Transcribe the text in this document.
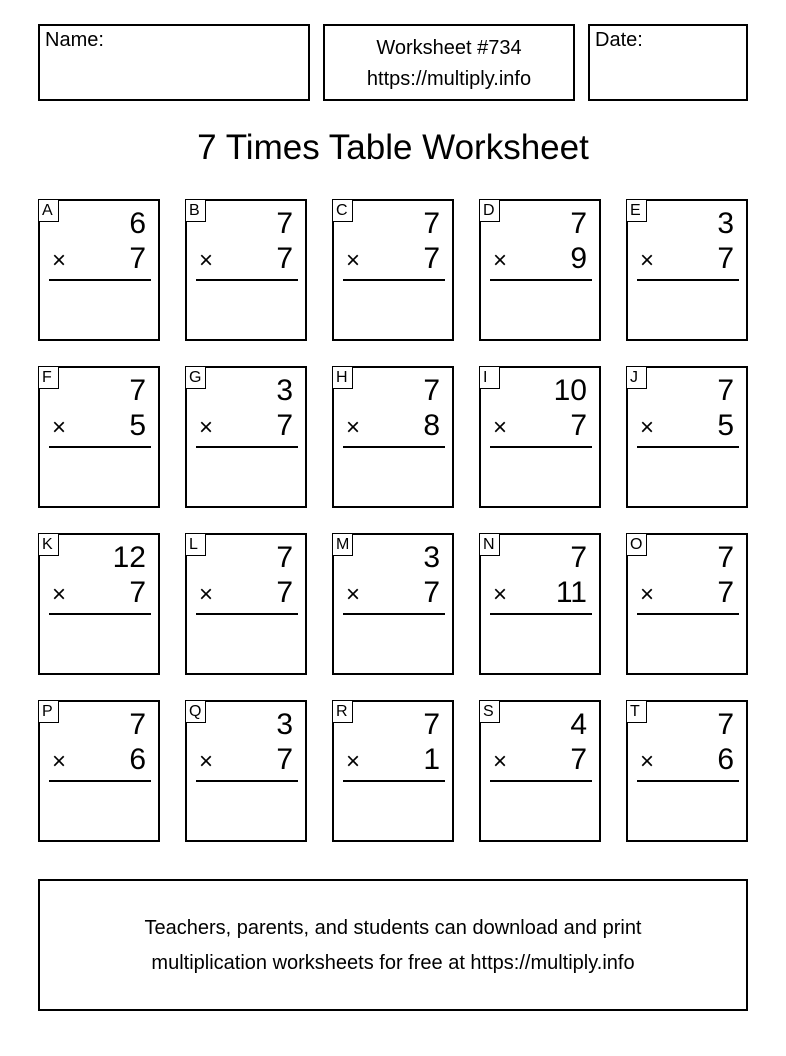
Name:	Worksheet #734
https://multiply.info
Date:
7 Times Table Worksheet
A	6
× 7
B	7
× 7
C	7
× 7
D	7
× 9
E	3
× 7
F	7
× 5
G 3
× 7
H	7
× 8
I	10
× 7
J	7
× 5
K 12
× 7
L	7
× 7
M 3
× 7
N	7
× 11
O 7
× 7
P	7
× 6
Q 3
× 7
R	7
× 1
S	4
× 7
T	7
× 6
Teachers, parents, and students can download and print
multiplication worksheets for free at https://multiply.info
